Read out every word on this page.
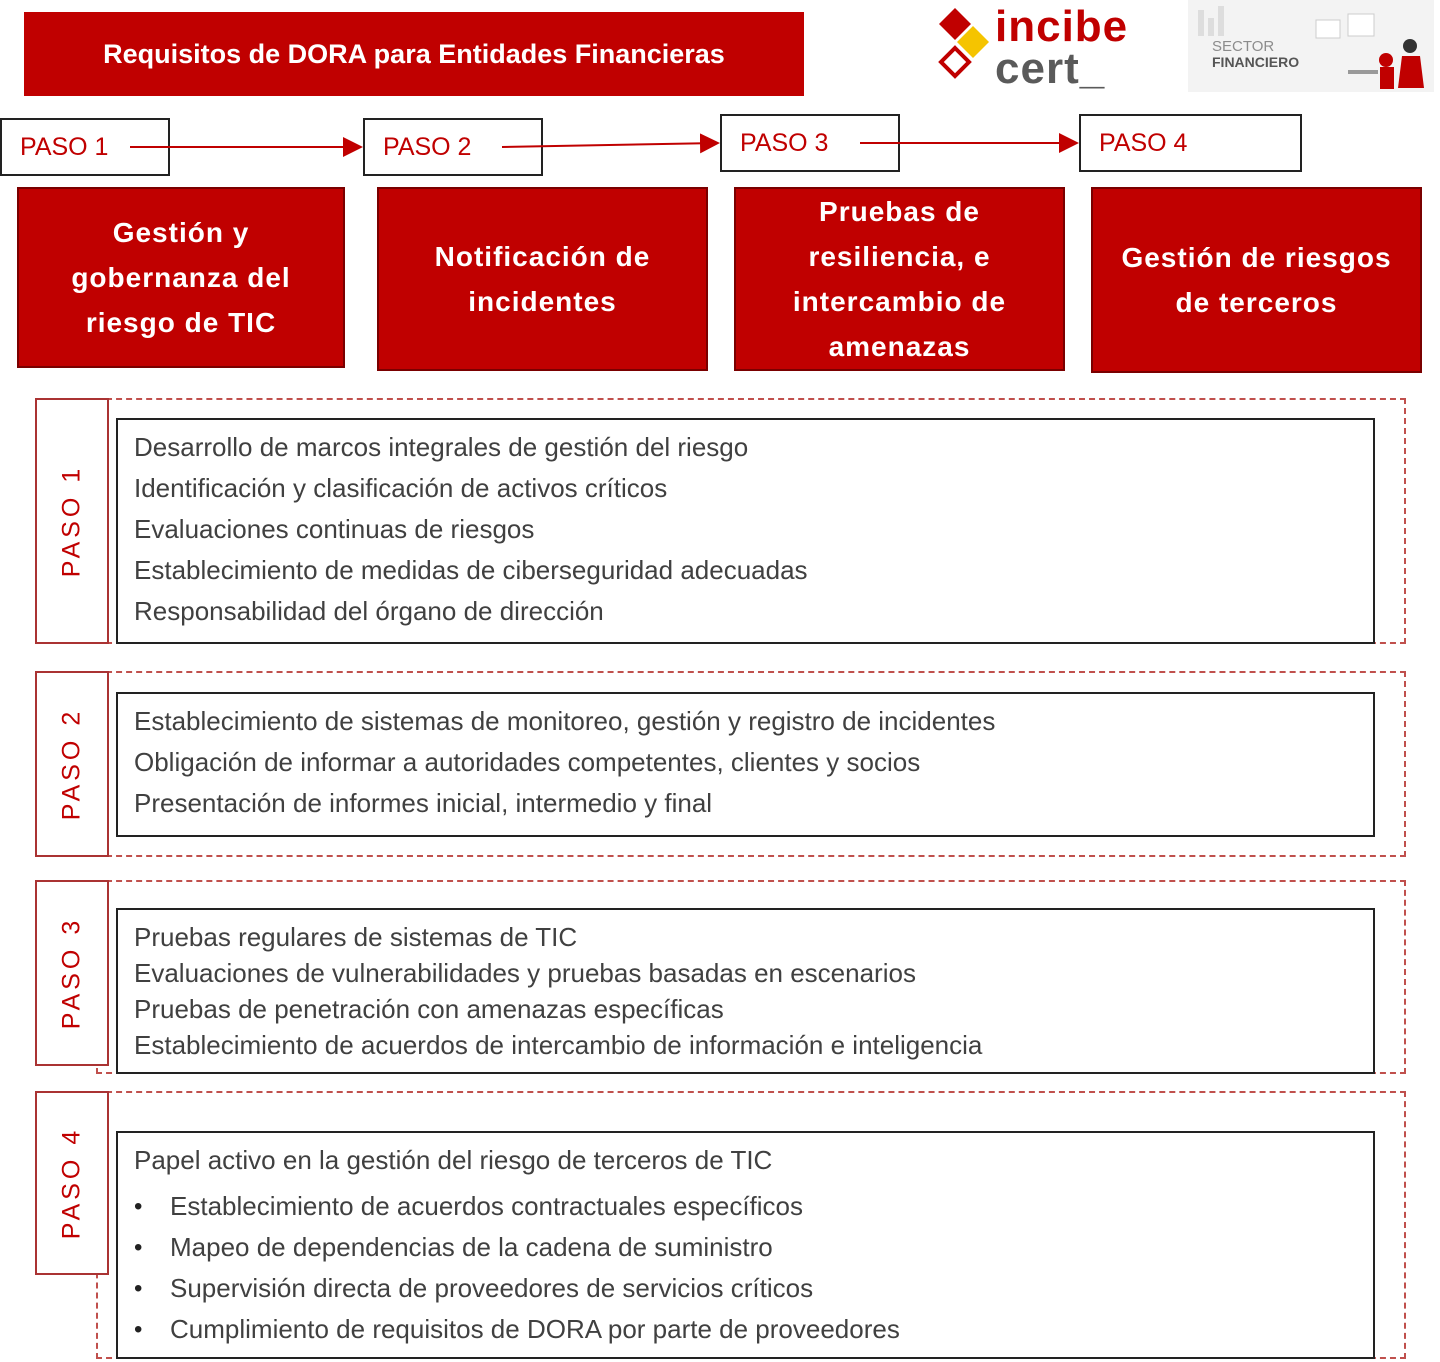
Requisitos de DORA para Entidades Financieras
incibe
cert_	SECTOR
FINANCIERO
PASO 1	PASO 2	PASO 3	PASO 4
Gestión y gobernanza del riesgo de TIC
Notificación de incidentes
Pruebas de resiliencia, e intercambio de amenazas
Gestión de riesgos de terceros
PASO 1
Desarrollo de marcos integrales de gestión del riesgo
Identificación y clasificación de activos críticos
Evaluaciones continuas de riesgos
Establecimiento de medidas de ciberseguridad adecuadas
Responsabilidad del órgano de dirección
PASO 2 Establecimiento de sistemas de monitoreo, gestión y registro de incidentes
Obligación de informar a autoridades competentes, clientes y socios
Presentación de informes inicial, intermedio y final
PASO 3 Pruebas regulares de sistemas de TIC
Evaluaciones de vulnerabilidades y pruebas basadas en escenarios
Pruebas de penetración con amenazas específicas
Establecimiento de acuerdos de intercambio de información e inteligencia
PASO 4 Papel activo en la gestión del riesgo de terceros de TIC
•	Establecimiento de acuerdos contractuales específicos
•	Mapeo de dependencias de la cadena de suministro
•	Supervisión directa de proveedores de servicios críticos
•	Cumplimiento de requisitos de DORA por parte de proveedores
